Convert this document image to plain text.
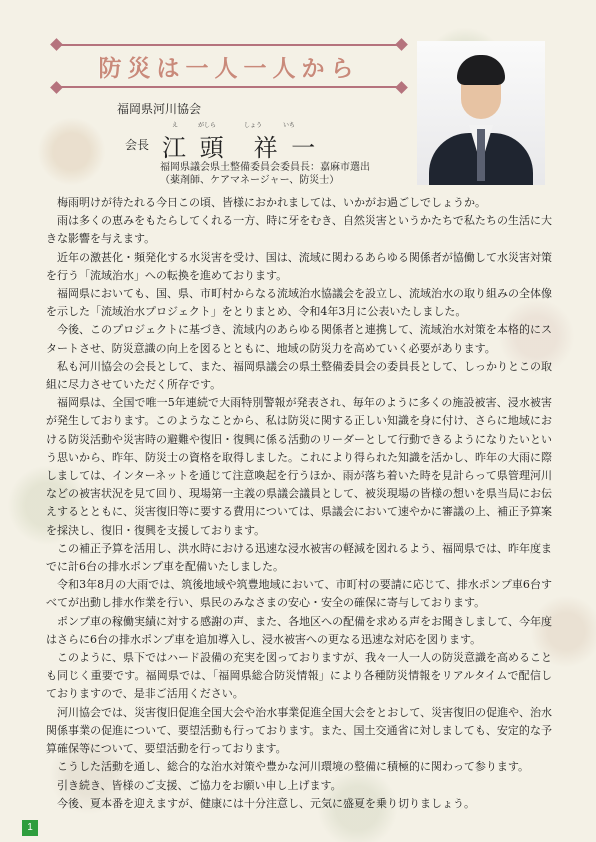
防災は一人一人から
福岡県河川協会
会長
え	がしら	しょう	いち
江 頭　祥 一
福岡県議会県土整備委員会委員長：嘉麻市選出
（薬剤師、ケアマネージャー、防災士）

梅雨明けが待たれる今日この頃、皆様におかれましては、いかがお過ごしでしょうか。

雨は多くの恵みをもたらしてくれる一方、時に牙をむき、自然災害というかたちで私たちの生活に大きな影響を与えます。

近年の激甚化・頻発化する水災害を受け、国は、流域に関わるあらゆる関係者が協働して水災害対策を行う「流域治水」への転換を進めております。

福岡県においても、国、県、市町村からなる流域治水協議会を設立し、流域治水の取り組みの全体像を示した「流域治水プロジェクト」をとりまとめ、令和4年3月に公表いたしました。

今後、このプロジェクトに基づき、流域内のあらゆる関係者と連携して、流域治水対策を本格的にスタートさせ、防災意識の向上を図るとともに、地域の防災力を高めていく必要があります。

私も河川協会の会長として、また、福岡県議会の県土整備委員会の委員長として、しっかりとこの取組に尽力させていただく所存です。

福岡県は、全国で唯一5年連続で大雨特別警報が発表され、毎年のように多くの施設被害、浸水被害が発生しております。このようなことから、私は防災に関する正しい知識を身に付け、さらに地域における防災活動や災害時の避難や復旧・復興に係る活動のリーダーとして行動できるようになりたいという思いから、昨年、防災士の資格を取得しました。これにより得られた知識を活かし、昨年の大雨に際しましては、インターネットを通じて注意喚起を行うほか、雨が落ち着いた時を見計らって県管理河川などの被害状況を見て回り、現場第一主義の県議会議員として、被災現場の皆様の想いを県当局にお伝えするとともに、災害復旧等に要する費用については、県議会において速やかに審議の上、補正予算案を採決し、復旧・復興を支援しております。

この補正予算を活用し、洪水時における迅速な浸水被害の軽減を図れるよう、福岡県では、昨年度までに計6台の排水ポンプ車を配備いたしました。

令和3年8月の大雨では、筑後地域や筑豊地域において、市町村の要請に応じて、排水ポンプ車6台すべてが出動し排水作業を行い、県民のみなさまの安心・安全の確保に寄与しております。

ポンプ車の稼働実績に対する感謝の声、また、各地区への配備を求める声をお聞きしまして、今年度はさらに6台の排水ポンプ車を追加導入し、浸水被害への更なる迅速な対応を図ります。

このように、県下ではハード設備の充実を図っておりますが、我々一人一人の防災意識を高めることも同じく重要です。福岡県では、「福岡県総合防災情報」により各種防災情報をリアルタイムで配信しておりますので、是非ご活用ください。

河川協会では、災害復旧促進全国大会や治水事業促進全国大会をとおして、災害復旧の促進や、治水関係事業の促進について、要望活動も行っております。また、国土交通省に対しましても、安定的な予算確保等について、要望活動を行っております。

こうした活動を通し、総合的な治水対策や豊かな河川環境の整備に積極的に関わって参ります。

引き続き、皆様のご支援、ご協力をお願い申し上げます。

今後、夏本番を迎えますが、健康には十分注意し、元気に盛夏を乗り切りましょう。

1
